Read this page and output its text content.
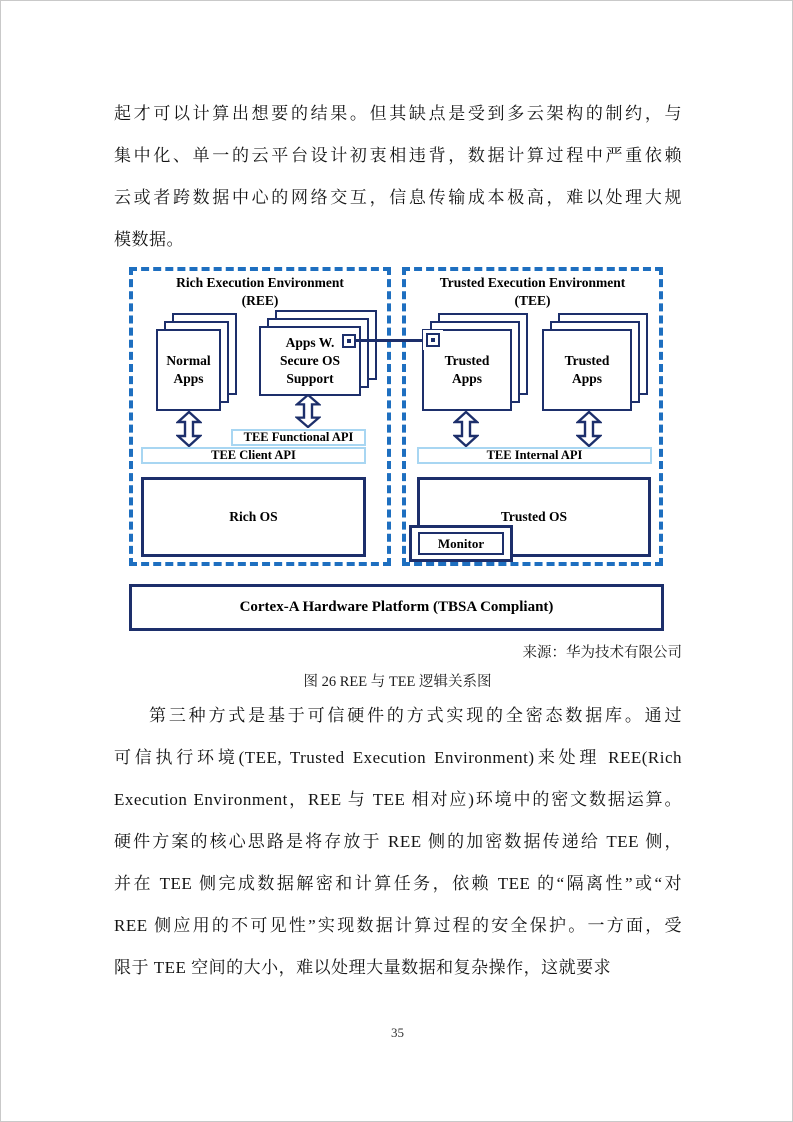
起才可以计算出想要的结果。但其缺点是受到多云架构的制约，与
集中化、单一的云平台设计初衷相违背，数据计算过程中严重依赖
云或者跨数据中心的网络交互，信息传输成本极高，难以处理大规
模数据。
Rich Execution Environment
(REE)
Trusted Execution Environment
(TEE)
Normal
Apps
Apps W.
Secure OS
Support
Trusted
Apps
Trusted
Apps
TEE Functional API
TEE Client API	TEE Internal API
Rich OS	Trusted OS
Monitor
Cortex-A Hardware Platform (TBSA Compliant)
来源：华为技术有限公司
图 26 REE 与 TEE 逻辑关系图
第三种方式是基于可信硬件的方式实现的全密态数据库。通过
可信执行环境(TEE, Trusted Execution Environment)来处理 REE(Rich
Execution Environment，REE 与 TEE 相对应)环境中的密文数据运算。
硬件方案的核心思路是将存放于 REE 侧的加密数据传递给 TEE 侧，
并在 TEE 侧完成数据解密和计算任务，依赖 TEE 的“隔离性”或“对
REE 侧应用的不可见性”实现数据计算过程的安全保护。一方面，受
限于 TEE 空间的大小，难以处理大量数据和复杂操作，这就要求
35
